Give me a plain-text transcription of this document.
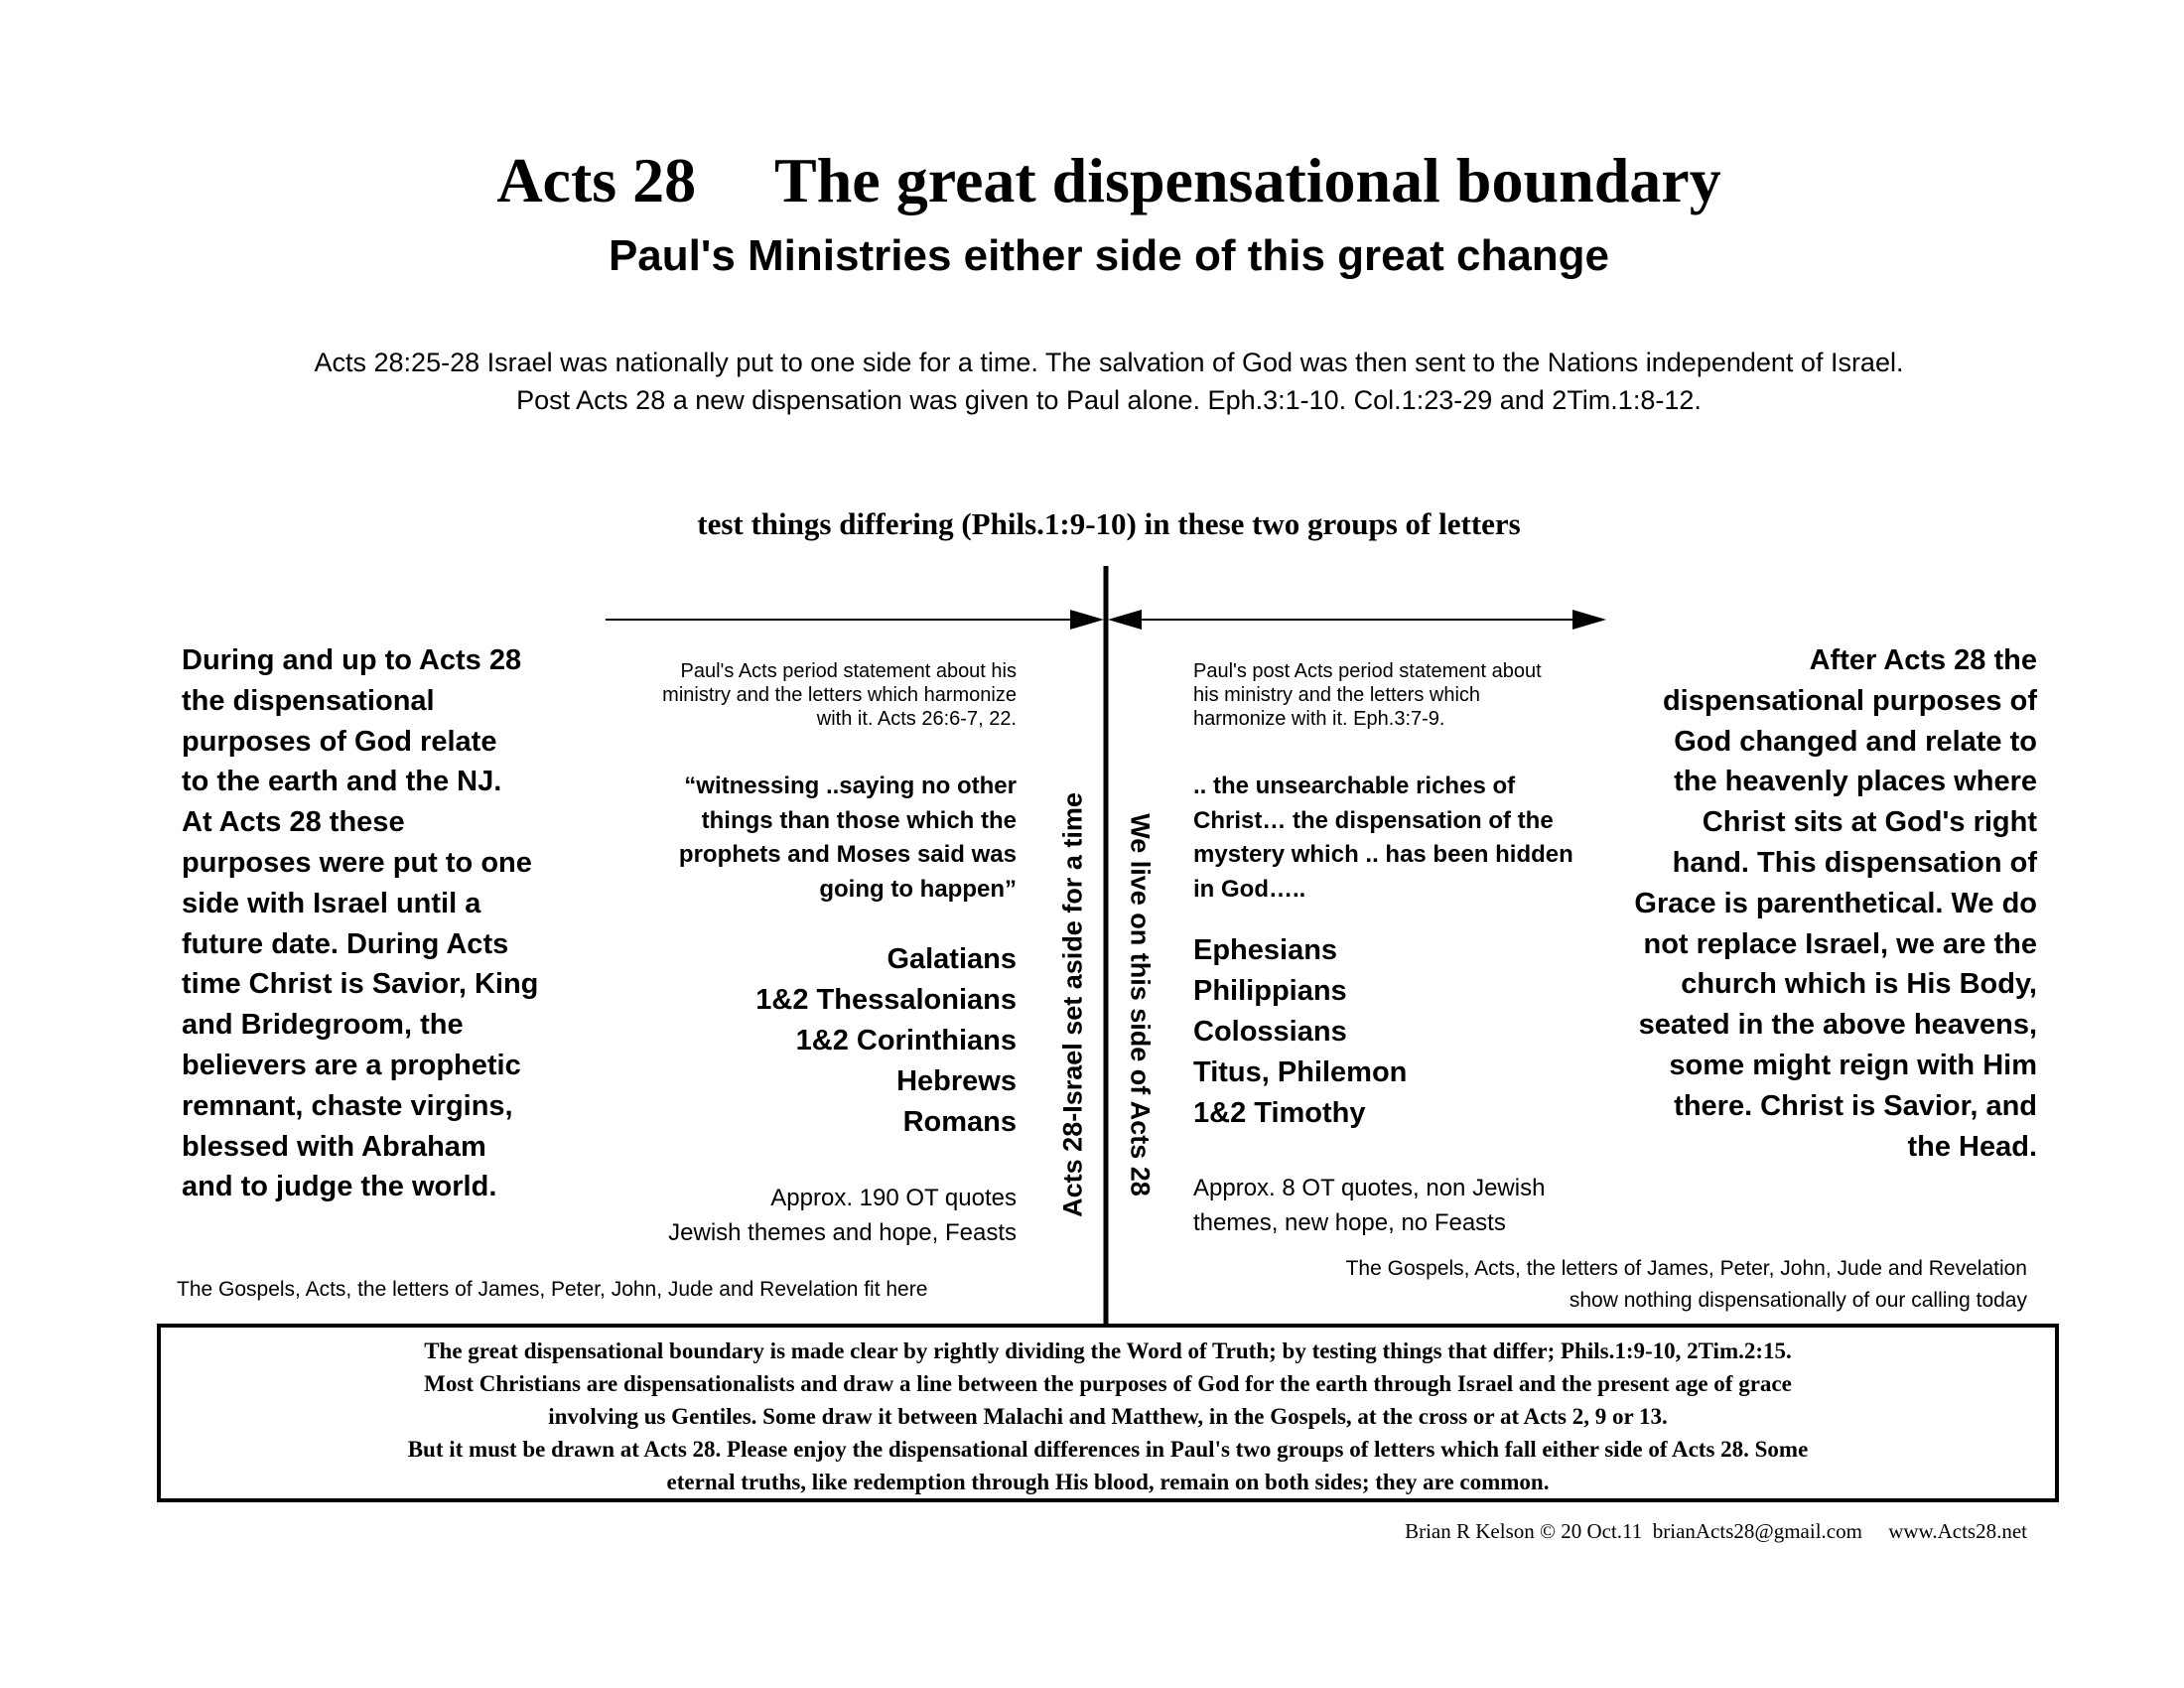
Acts 28     The great dispensational boundary
Paul's Ministries either side of this great change
Acts 28:25-28 Israel was nationally put to one side for a time. The salvation of God was then sent to the Nations independent of Israel.
Post Acts 28 a new dispensation was given to Paul alone. Eph.3:1-10. Col.1:23-29 and 2Tim.1:8-12.
test things differing (Phils.1:9-10) in these two groups of letters
Acts 28-Israel set aside for a time We live on this side of Acts 28
During and up to Acts 28
the dispensational
purposes of God relate
to the earth and the NJ.
At Acts 28 these
purposes were put to one
side with Israel until a
future date. During Acts
time Christ is Savior, King
and Bridegroom, the
believers are a prophetic
remnant, chaste virgins,
blessed with Abraham
and to judge the world.
Paul's Acts period statement about his
ministry and the letters which harmonize
with it. Acts 26:6-7, 22.
“witnessing ..saying no other
things than those which the
prophets and Moses said was
going to happen”
Galatians
1&2 Thessalonians
1&2 Corinthians
Hebrews
Romans
Approx. 190 OT quotes
Jewish themes and hope, Feasts
The Gospels, Acts, the letters of James, Peter, John, Jude and Revelation fit here
Paul's post Acts period statement about
his ministry and the letters which
harmonize with it. Eph.3:7-9.
.. the unsearchable riches of
Christ… the dispensation of the
mystery which .. has been hidden
in God…..
Ephesians
Philippians
Colossians
Titus, Philemon
1&2 Timothy
Approx. 8 OT quotes, non Jewish
themes, new hope, no Feasts
After Acts 28 the
dispensational purposes of
God changed and relate to
the heavenly places where
Christ sits at God's right
hand. This dispensation of
Grace is parenthetical. We do
not replace Israel, we are the
church which is His Body,
seated in the above heavens,
some might reign with Him
there. Christ is Savior, and
the Head.
The Gospels, Acts, the letters of James, Peter, John, Jude and Revelation
show nothing dispensationally of our calling today
The great dispensational boundary is made clear by rightly dividing the Word of Truth; by testing things that differ; Phils.1:9-10, 2Tim.2:15.
Most Christians are dispensationalists and draw a line between the purposes of God for the earth through Israel and the present age of grace
involving us Gentiles. Some draw it between Malachi and Matthew, in the Gospels, at the cross or at Acts 2, 9 or 13.
But it must be drawn at Acts 28. Please enjoy the dispensational differences in Paul's two groups of letters which fall either side of Acts 28. Some
eternal truths, like redemption through His blood, remain on both sides; they are common.
Brian R Kelson © 20 Oct.11  brianActs28@gmail.com     www.Acts28.net
